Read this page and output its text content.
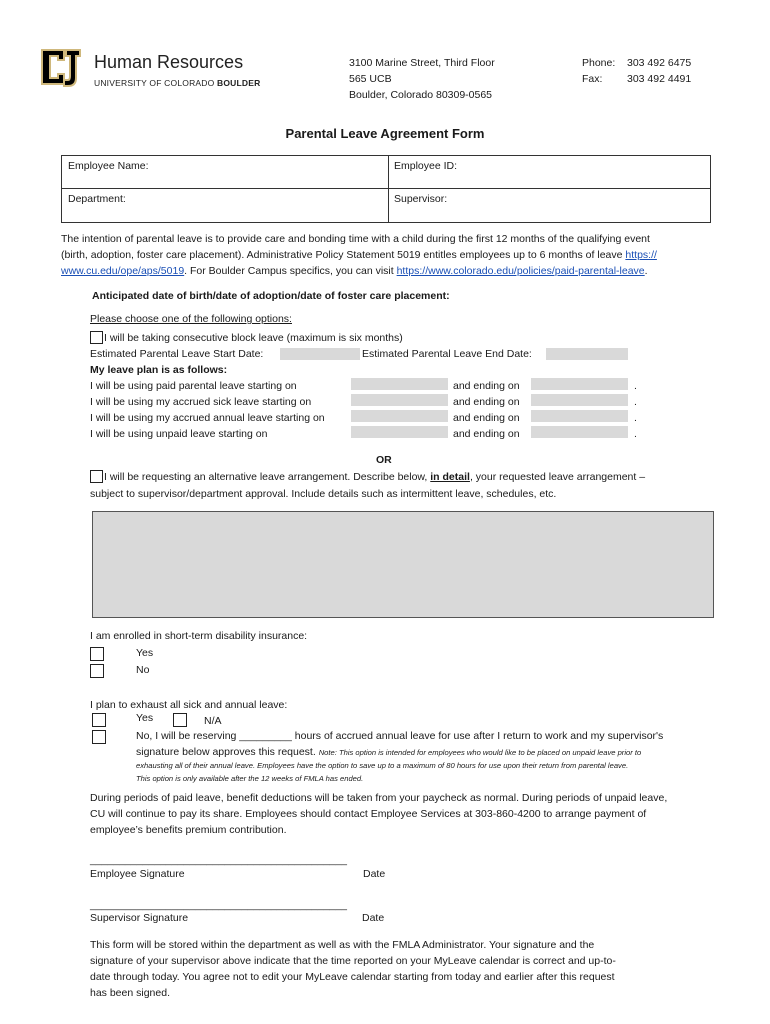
Human Resources
UNIVERSITY OF COLORADO BOULDER
3100 Marine Street, Third Floor
565 UCB
Boulder, Colorado 80309-0565
Phone: 303 492 6475
Fax: 303 492 4491
Parental Leave Agreement Form
Employee Name:	Employee ID:
Department:	Supervisor:
The intention of parental leave is to provide care and bonding time with a child during the first 12 months of the qualifying event
(birth, adoption, foster care placement). Administrative Policy Statement 5019 entitles employees up to 6 months of leave https://
www.cu.edu/ope/aps/5019. For Boulder Campus specifics, you can visit https://www.colorado.edu/policies/paid-parental-leave.
Anticipated date of birth/date of adoption/date of foster care placement:
Please choose one of the following options:
I will be taking consecutive block leave (maximum is six months)
Estimated Parental Leave Start Date:	Estimated Parental Leave End Date:
My leave plan is as follows:
I will be using paid parental leave starting on	and ending on	.
I will be using my accrued sick leave starting on	and ending on	.
I will be using my accrued annual leave starting on	and ending on	.
I will be using unpaid leave starting on	and ending on	.
OR
I will be requesting an alternative leave arrangement. Describe below, in detail, your requested leave arrangement –
subject to supervisor/department approval. Include details such as intermittent leave, schedules, etc.
I am enrolled in short-term disability insurance:
Yes
No
I plan to exhaust all sick and annual leave:
Yes	N/A
No, I will be reserving _________ hours of accrued annual leave for use after I return to work and my supervisor's
signature below approves this request. Note: This option is intended for employees who would like to be placed on unpaid leave prior to
exhausting all of their annual leave. Employees have the option to save up to a maximum of 80 hours for use upon their return from parental leave.
This option is only available after the 12 weeks of FMLA has ended.
During periods of paid leave, benefit deductions will be taken from your paycheck as normal. During periods of unpaid leave,
CU will continue to pay its share. Employees should contact Employee Services at 303-860-4200 to arrange payment of
employee’s benefits premium contribution.
____________________________________________
Employee Signature	Date
____________________________________________
Supervisor Signature	Date
This form will be stored within the department as well as with the FMLA Administrator. Your signature and the
signature of your supervisor above indicate that the time reported on your MyLeave calendar is correct and up-to-
date through today. You agree not to edit your MyLeave calendar starting from today and earlier after this request
has been signed.
